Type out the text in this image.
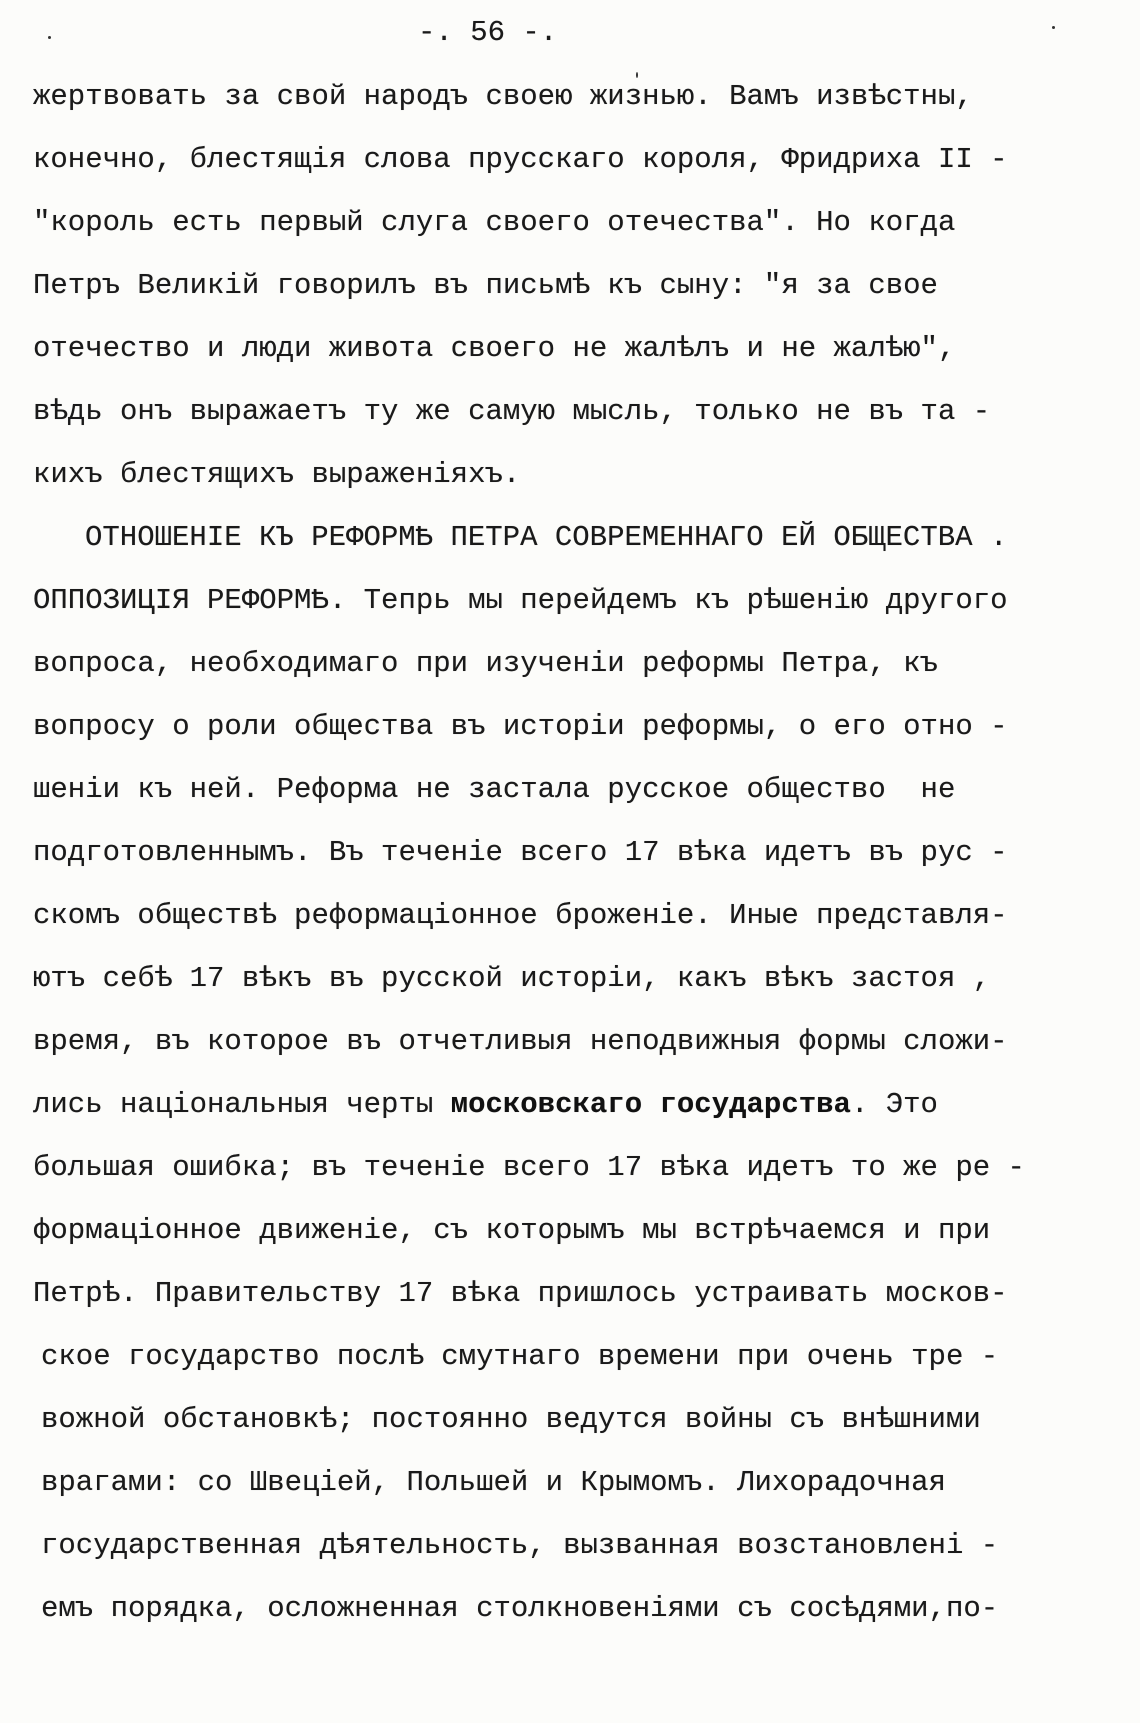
-. 56 -.
жертвовать за свой народъ своею жизнью. Вамъ извѣстны,
конечно, блестящія слова прусскаго короля, Фридриха II -
"король есть первый слуга своего отечества". Но когда
Петръ Великій говорилъ въ письмѣ къ сыну: "я за свое
отечество и люди живота своего не жалѣлъ и не жалѣю",
вѣдь онъ выражаетъ ту же самую мысль, только не въ та -
кихъ блестящихъ выраженіяхъ.
ОТНОШЕНІЕ КЪ РЕФОРМѢ ПЕТРА СОВРЕМЕННАГО ЕЙ ОБЩЕСТВА .
ОППОЗИЦІЯ РЕФОРМѢ. Тепрь мы перейдемъ къ рѣшенію другого
вопроса, необходимаго при изученіи реформы Петра, къ
вопросу о роли общества въ исторіи реформы, о его отно -
шеніи къ ней. Реформа не застала русское общество  не
подготовленнымъ. Въ теченіе всего 17 вѣка идетъ въ рус -
скомъ обществѣ реформаціонное броженіе. Иные представля-
ютъ себѣ 17 вѣкъ въ русской исторіи, какъ вѣкъ застоя ,
время, въ которое въ отчетливыя неподвижныя формы сложи-
лись національныя черты московскаго государства. Это
большая ошибка; въ теченіе всего 17 вѣка идетъ то же ре -
формаціонное движеніе, съ которымъ мы встрѣчаемся и при
Петрѣ. Правительству 17 вѣка пришлось устраивать москов-
ское государство послѣ смутнаго времени при очень тре -
вожной обстановкѣ; постоянно ведутся войны съ внѣшними
врагами: со Швеціей, Польшей и Крымомъ. Лихорадочная
государственная дѣятельность, вызванная возстановлені -
емъ порядка, осложненная столкновеніями съ сосѣдями,по-
